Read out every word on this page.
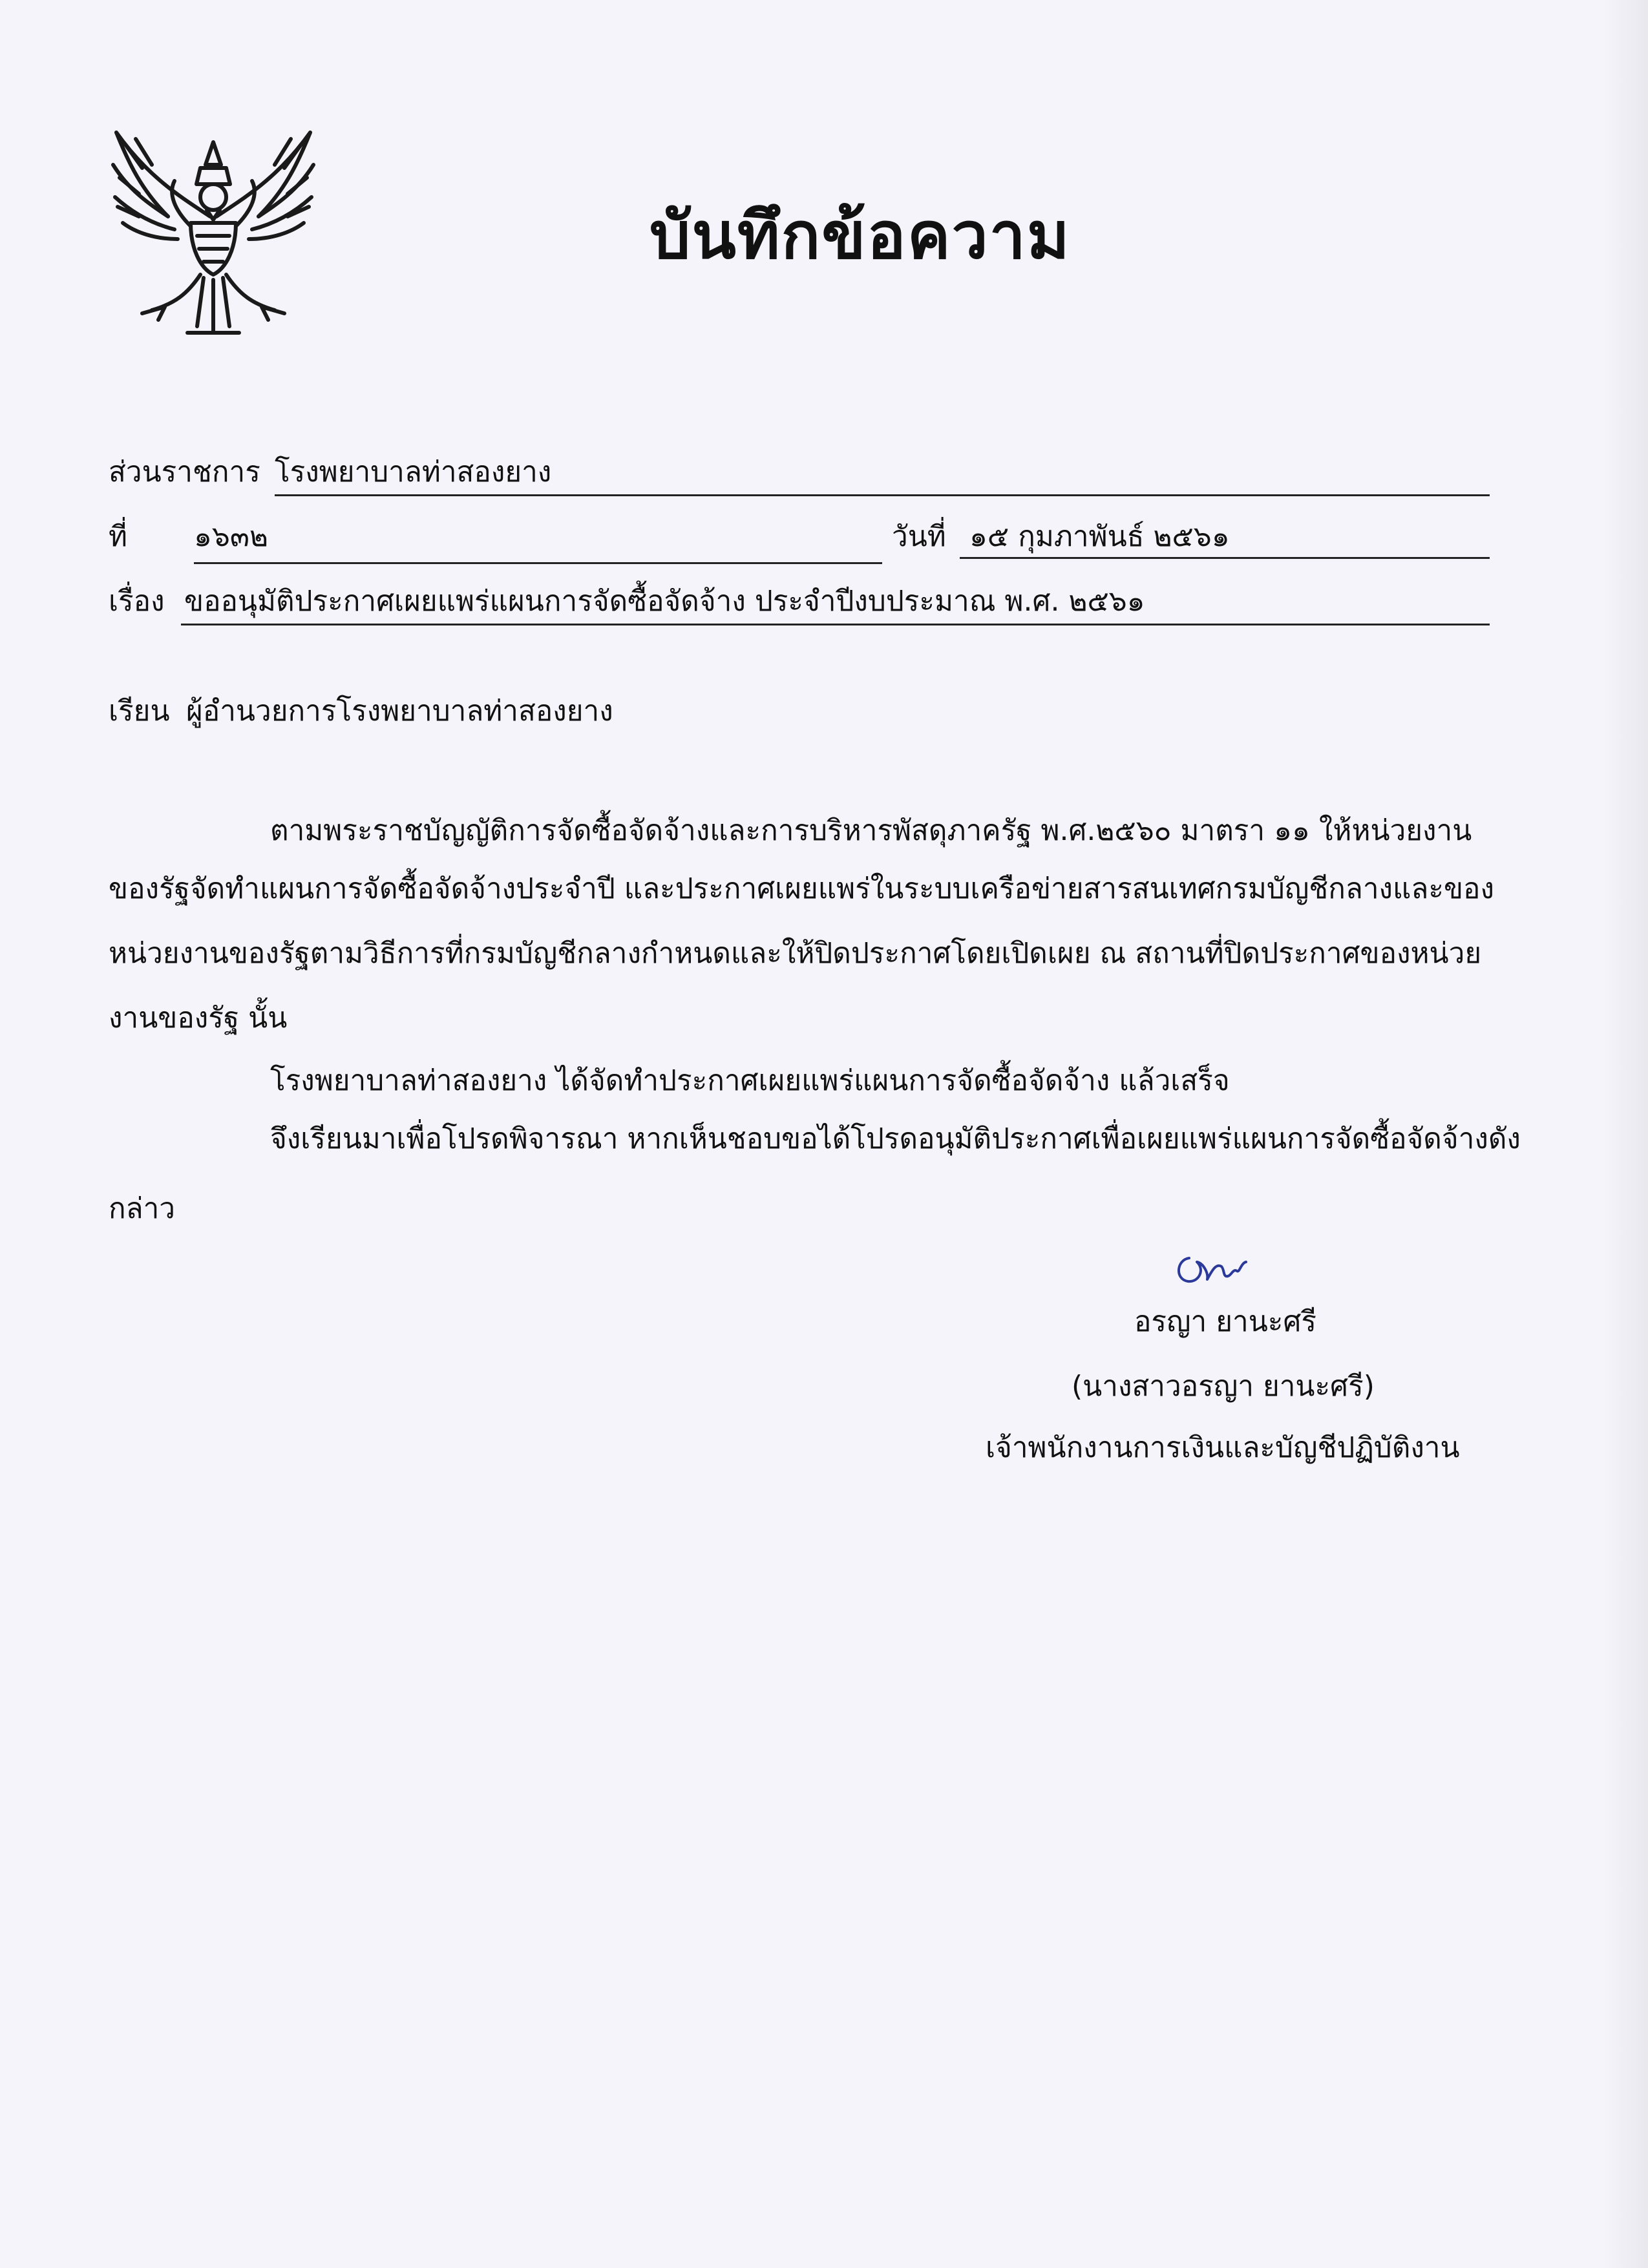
บันทึกข้อความ
ส่วนราชการ โรงพยาบาลท่าสองยาง
ที่ ๑๖๓๒	วันที่ ๑๕ กุมภาพันธ์ ๒๕๖๑
เรื่อง ขออนุมัติประกาศเผยแพร่แผนการจัดซื้อจัดจ้าง ประจำปีงบประมาณ พ.ศ. ๒๕๖๑
เรียน ผู้อำนวยการโรงพยาบาลท่าสองยาง
ตามพระราชบัญญัติการจัดซื้อจัดจ้างและการบริหารพัสดุภาครัฐ พ.ศ.๒๕๖๐ มาตรา ๑๑ ให้หน่วยงาน
ของรัฐจัดทำแผนการจัดซื้อจัดจ้างประจำปี และประกาศเผยแพร่ในระบบเครือข่ายสารสนเทศกรมบัญชีกลางและของ
หน่วยงานของรัฐตามวิธีการที่กรมบัญชีกลางกำหนดและให้ปิดประกาศโดยเปิดเผย ณ สถานที่ปิดประกาศของหน่วย
งานของรัฐ นั้น
โรงพยาบาลท่าสองยาง ได้จัดทำประกาศเผยแพร่แผนการจัดซื้อจัดจ้าง แล้วเสร็จ
จึงเรียนมาเพื่อโปรดพิจารณา หากเห็นชอบขอได้โปรดอนุมัติประกาศเพื่อเผยแพร่แผนการจัดซื้อจัดจ้างดัง
กล่าว
อรญา ยานะศรี
(นางสาวอรญา ยานะศรี)
เจ้าพนักงานการเงินและบัญชีปฏิบัติงาน
